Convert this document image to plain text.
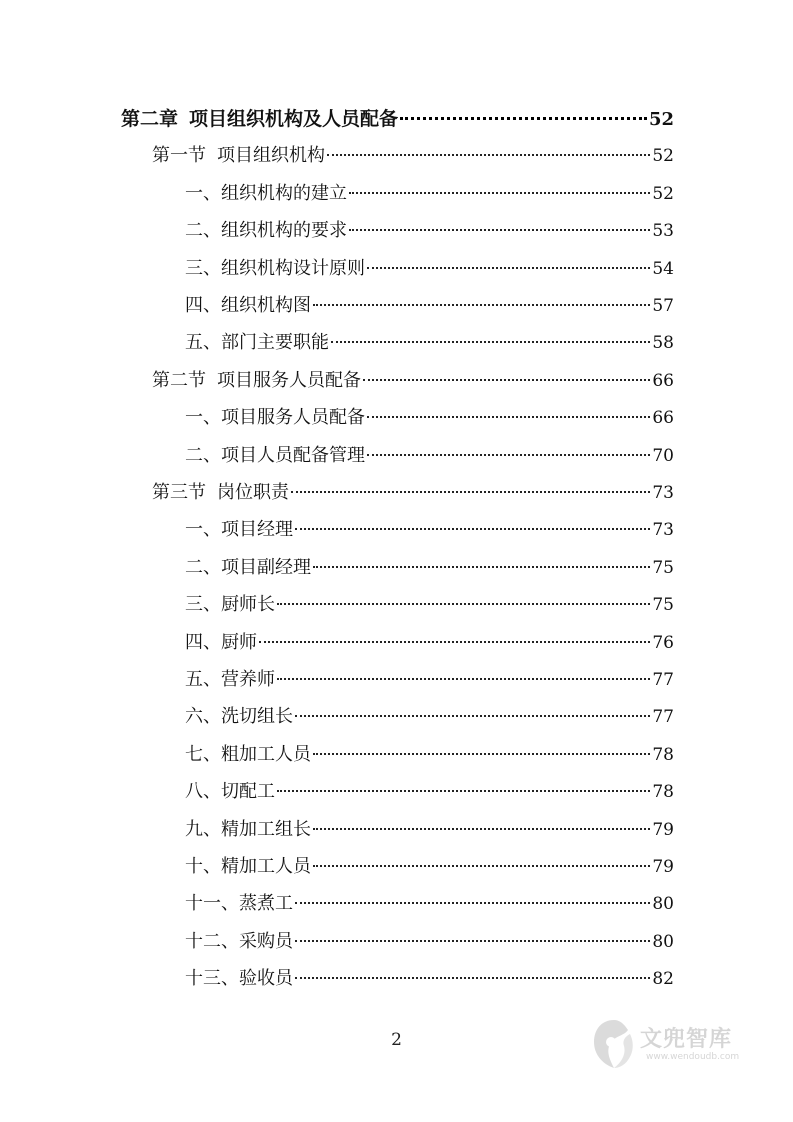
第二章 项目组织机构及人员配备	52
第一节 项目组织机构	52
一、组织机构的建立	52
二、组织机构的要求	53
三、组织机构设计原则	54
四、组织机构图	57
五、部门主要职能	58
第二节 项目服务人员配备	66
一、项目服务人员配备	66
二、项目人员配备管理	70
第三节 岗位职责	73
一、项目经理	73
二、项目副经理	75
三、厨师长	75
四、厨师	76
五、营养师	77
六、洗切组长	77
七、粗加工人员	78
八、切配工	78
九、精加工组长	79
十、精加工人员	79
十一、蒸煮工	80
十二、采购员	80
十三、验收员	82
2	文兜智库
www.wendoudb.com
